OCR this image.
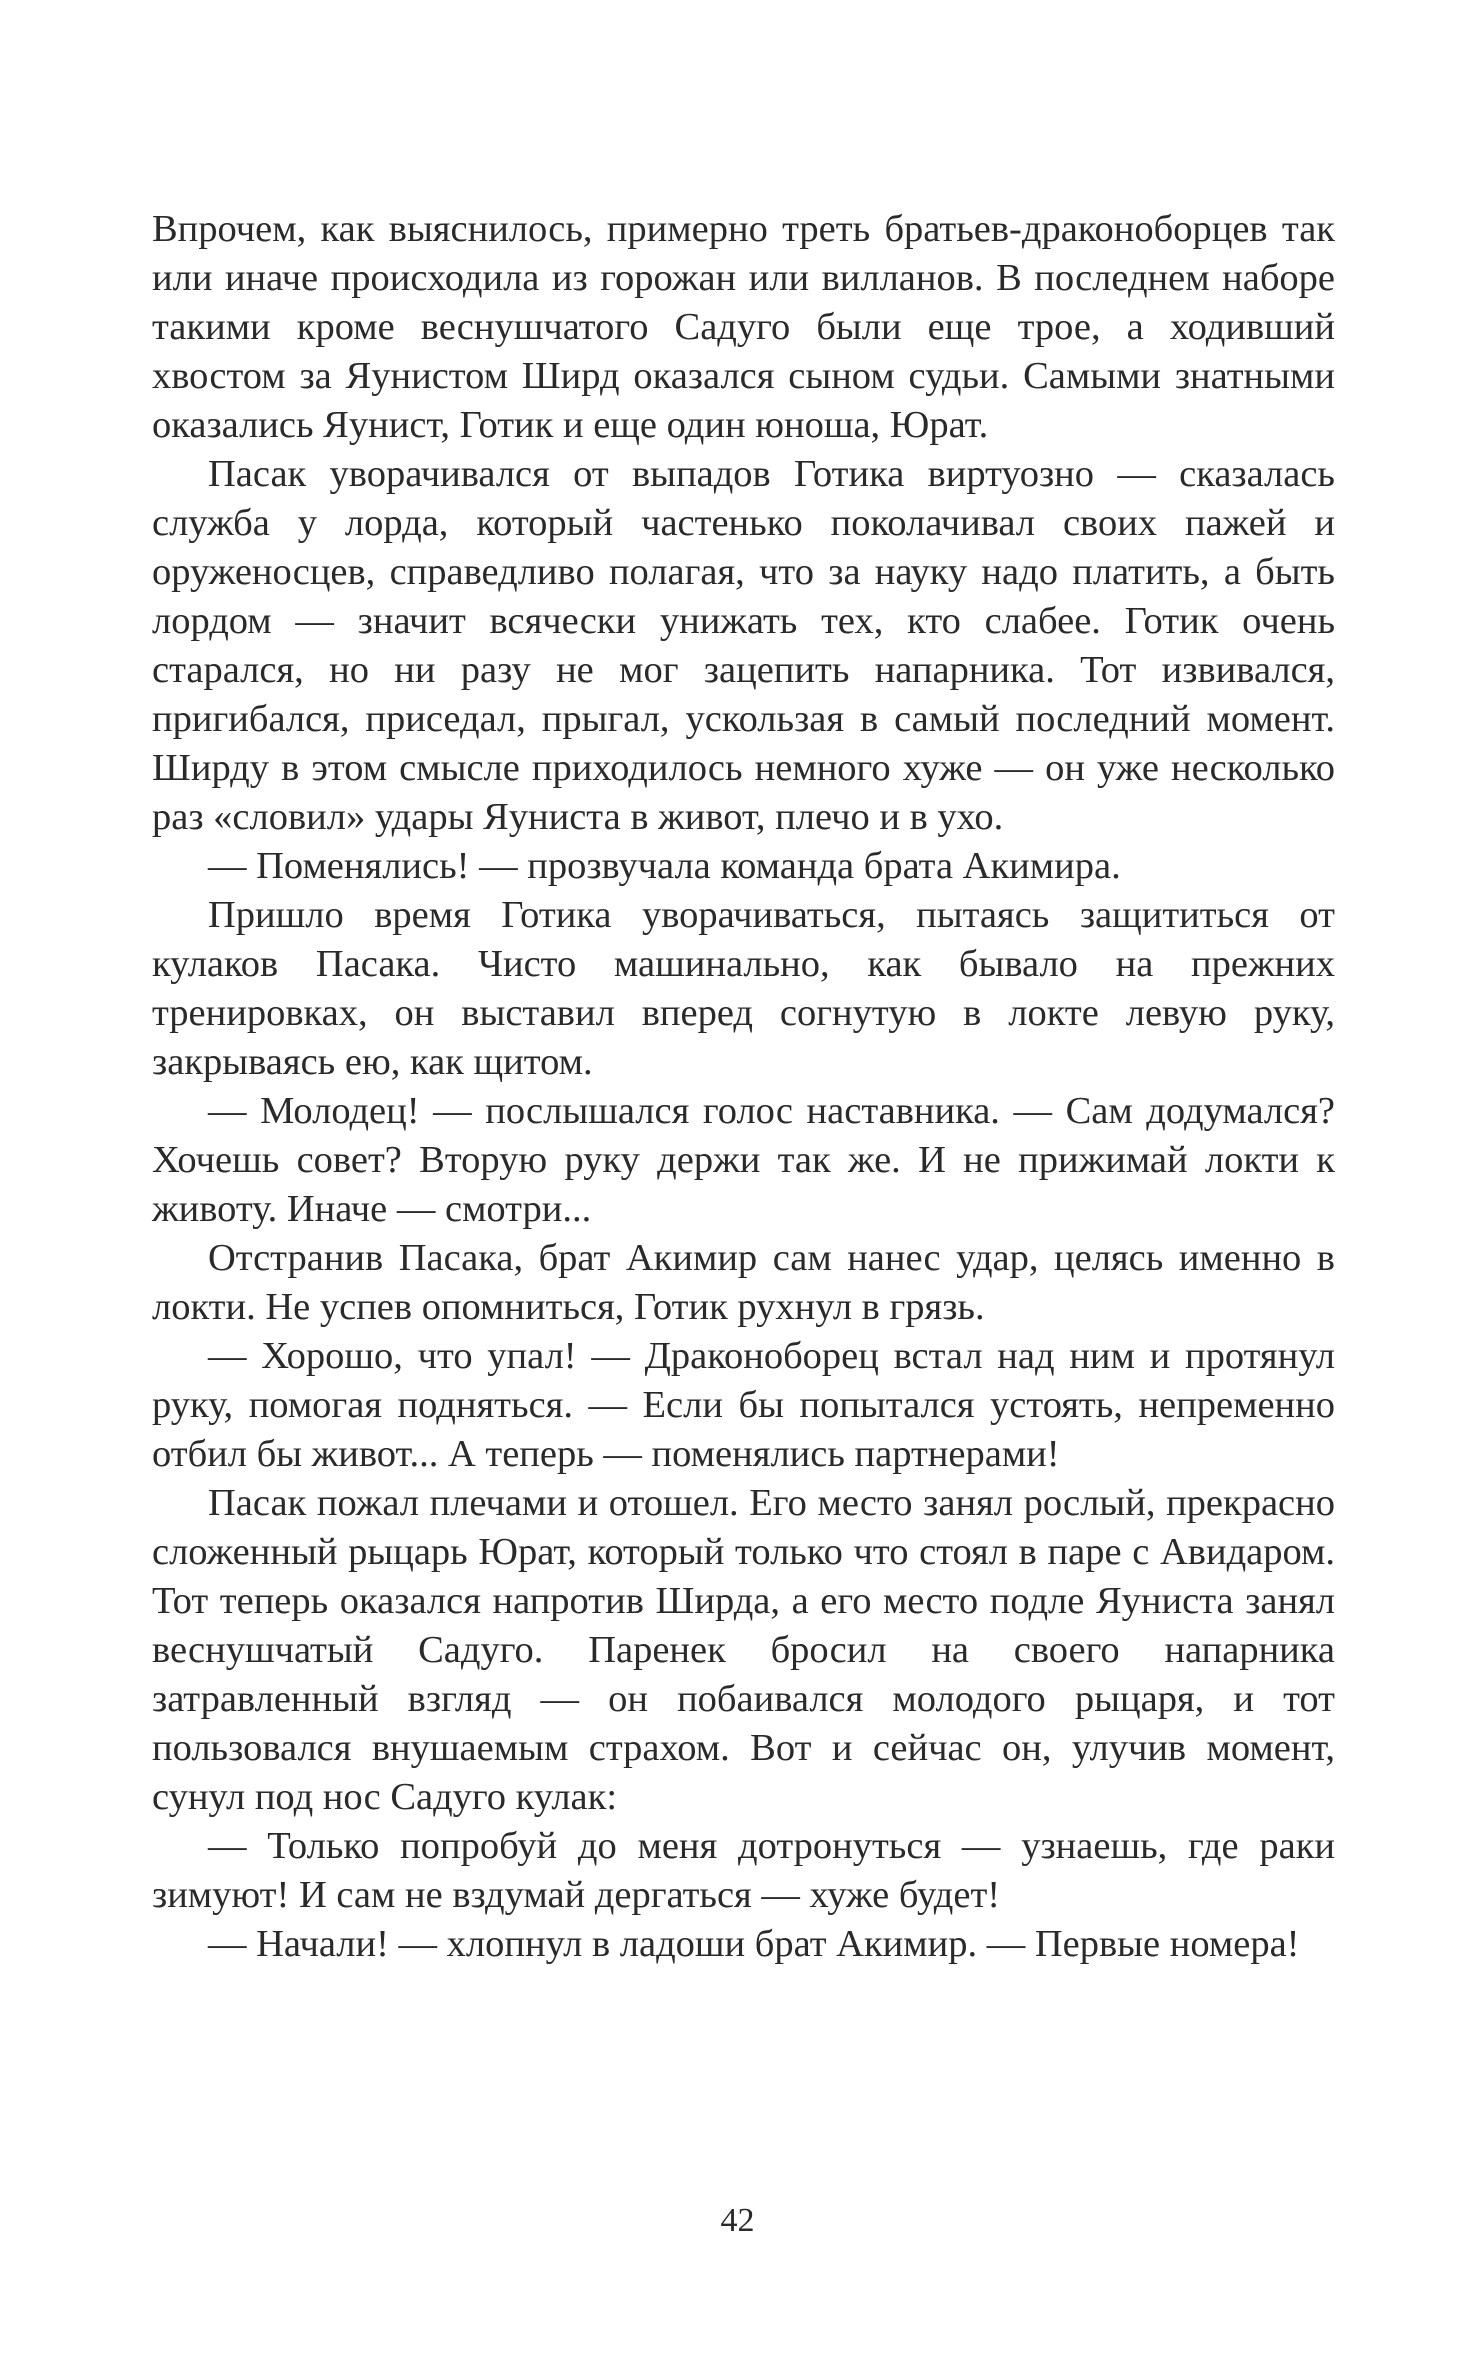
Впрочем, как выяснилось, примерно треть братьев-драконоборцев так или иначе происходила из горожан или вилланов. В последнем наборе такими кроме веснушчатого Садуго были еще трое, а ходивший хвостом за Яунистом Ширд оказался сыном судьи. Самыми знатными оказались Яунист, Готик и еще один юноша, Юрат.

Пасак уворачивался от выпадов Готика виртуозно — сказалась служба у лорда, который частенько поколачивал своих пажей и оруженосцев, справедливо полагая, что за науку надо платить, а быть лордом — значит всячески унижать тех, кто слабее. Готик очень старался, но ни разу не мог зацепить напарника. Тот извивался, пригибался, приседал, прыгал, ускользая в самый последний момент. Ширду в этом смысле приходилось немного хуже — он уже несколько раз «словил» удары Яуниста в живот, плечо и в ухо.

— Поменялись! — прозвучала команда брата Акимира.

Пришло время Готика уворачиваться, пытаясь защититься от кулаков Пасака. Чисто машинально, как бывало на прежних тренировках, он выставил вперед согнутую в локте левую руку, закрываясь ею, как щитом.

— Молодец! — послышался голос наставника. — Сам додумался? Хочешь совет? Вторую руку держи так же. И не прижимай локти к животу. Иначе — смотри...

Отстранив Пасака, брат Акимир сам нанес удар, целясь именно в локти. Не успев опомниться, Готик рухнул в грязь.

— Хорошо, что упал! — Драконоборец встал над ним и протянул руку, помогая подняться. — Если бы попытался устоять, непременно отбил бы живот... А теперь — поменялись партнерами!

Пасак пожал плечами и отошел. Его место занял рослый, прекрасно сложенный рыцарь Юрат, который только что стоял в паре с Авидаром. Тот теперь оказался напротив Ширда, а его место подле Яуниста занял веснушчатый Садуго. Паренек бросил на своего напарника затравленный взгляд — он побаивался молодого рыцаря, и тот пользовался внушаемым страхом. Вот и сейчас он, улучив момент, сунул под нос Садуго кулак:

— Только попробуй до меня дотронуться — узнаешь, где раки зимуют! И сам не вздумай дергаться — хуже будет!

— Начали! — хлопнул в ладоши брат Акимир. — Первые номера!

42
